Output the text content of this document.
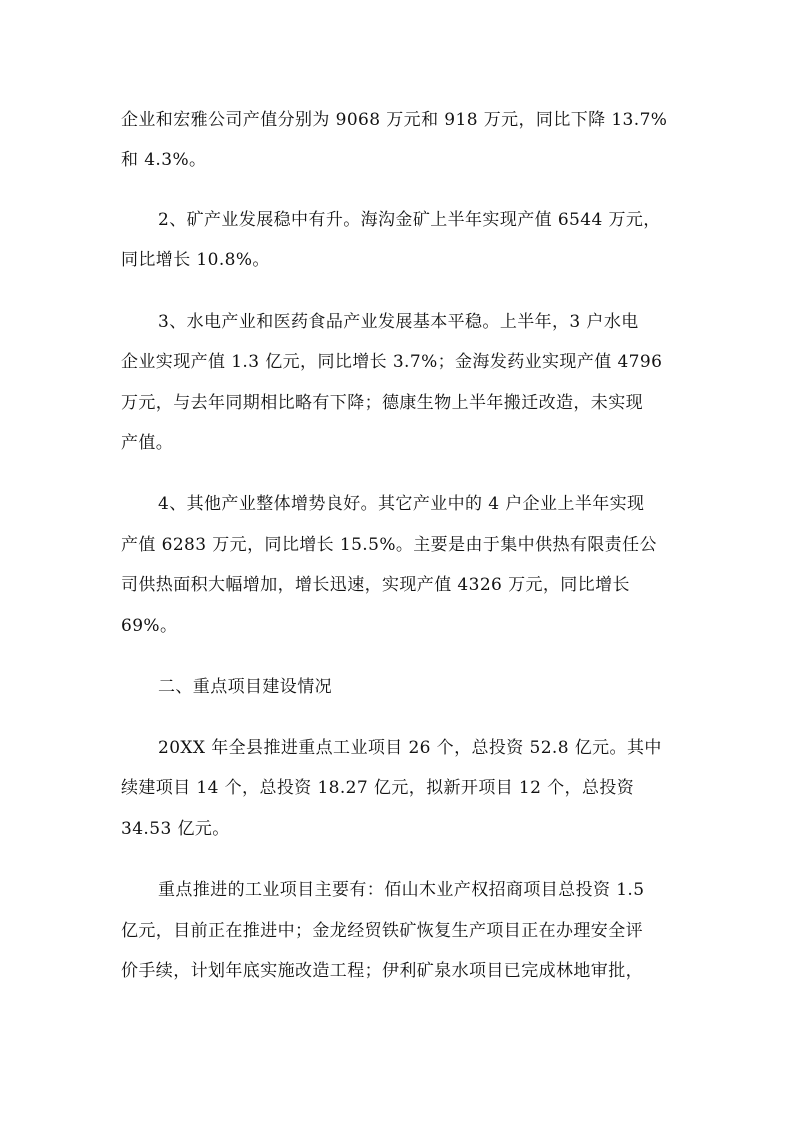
企业和宏雅公司产值分别为 9068 万元和 918 万元，同比下降 13.7%
和 4.3%。
2、矿产业发展稳中有升。海沟金矿上半年实现产值 6544 万元，
同比增长 10.8%。
3、水电产业和医药食品产业发展基本平稳。上半年，3 户水电
企业实现产值 1.3 亿元，同比增长 3.7%；金海发药业实现产值 4796
万元，与去年同期相比略有下降；德康生物上半年搬迁改造，未实现
产值。
4、其他产业整体增势良好。其它产业中的 4 户企业上半年实现
产值 6283 万元，同比增长 15.5%。主要是由于集中供热有限责任公
司供热面积大幅增加，增长迅速，实现产值 4326 万元，同比增长
69%。
二、重点项目建设情况
20XX 年全县推进重点工业项目 26 个，总投资 52.8 亿元。其中
续建项目 14 个，总投资 18.27 亿元，拟新开项目 12 个，总投资
34.53 亿元。
重点推进的工业项目主要有：佰山木业产权招商项目总投资 1.5
亿元，目前正在推进中；金龙经贸铁矿恢复生产项目正在办理安全评
价手续，计划年底实施改造工程；伊利矿泉水项目已完成林地审批，
